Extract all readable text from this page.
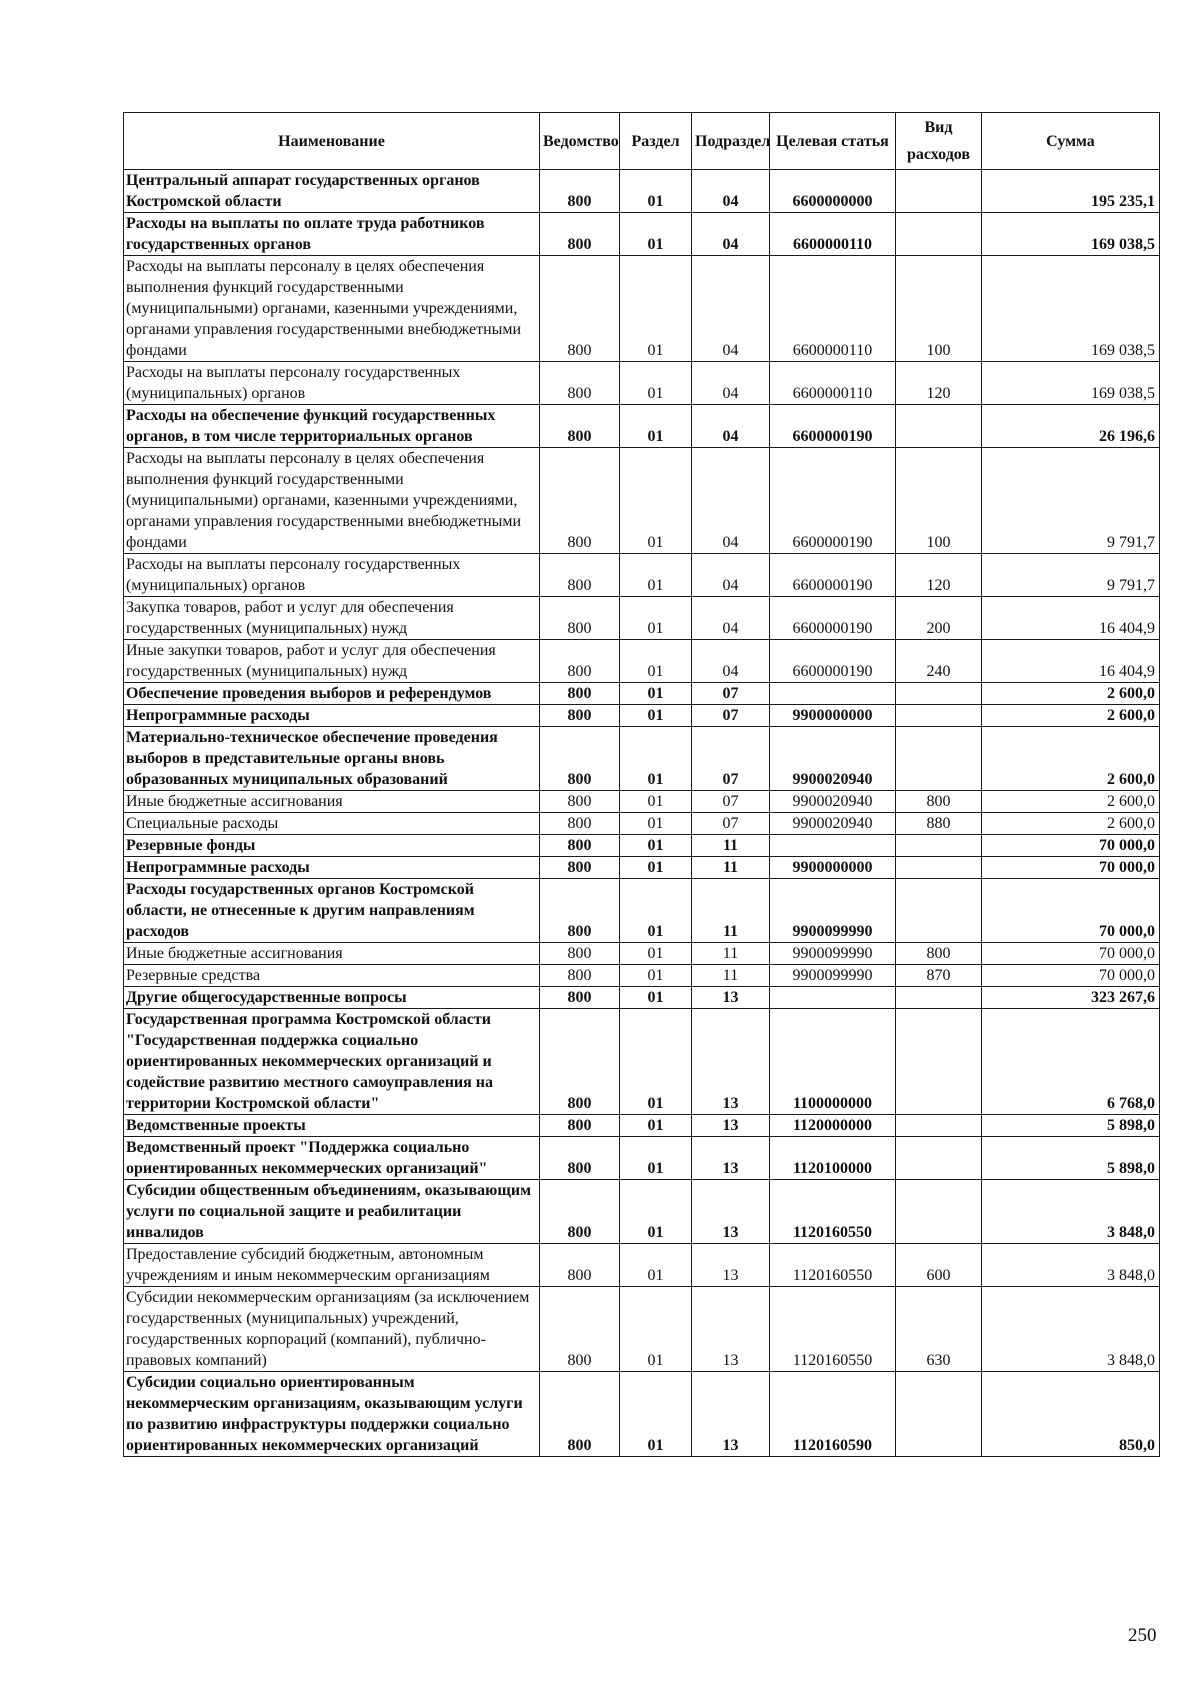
Наименование	Ведомство	Раздел	Подраздел	Целевая статья	Вид расходов	Сумма
Центральный аппарат государственных органов Костромской области	800	01	04	6600000000		195 235,1
Расходы на выплаты по оплате труда работников государственных органов	800	01	04	6600000110		169 038,5
Расходы на выплаты персоналу в целях обеспечения выполнения функций государственными (муниципальными) органами, казенными учреждениями, органами управления государственными внебюджетными фондами	800	01	04	6600000110	100	169 038,5
Расходы на выплаты персоналу государственных (муниципальных) органов	800	01	04	6600000110	120	169 038,5
Расходы на обеспечение функций государственных органов, в том числе территориальных органов	800	01	04	6600000190		26 196,6
Расходы на выплаты персоналу в целях обеспечения выполнения функций государственными (муниципальными) органами, казенными учреждениями, органами управления государственными внебюджетными фондами	800	01	04	6600000190	100	9 791,7
Расходы на выплаты персоналу государственных (муниципальных) органов	800	01	04	6600000190	120	9 791,7
Закупка товаров, работ и услуг для обеспечения государственных (муниципальных) нужд	800	01	04	6600000190	200	16 404,9
Иные закупки товаров, работ и услуг для обеспечения государственных (муниципальных) нужд	800	01	04	6600000190	240	16 404,9
Обеспечение проведения выборов и референдумов	800	01	07			2 600,0
Непрограммные расходы	800	01	07	9900000000		2 600,0
Материально-техническое обеспечение проведения выборов в представительные органы вновь образованных муниципальных образований	800	01	07	9900020940		2 600,0
Иные бюджетные ассигнования	800	01	07	9900020940	800	2 600,0
Специальные расходы	800	01	07	9900020940	880	2 600,0
Резервные фонды	800	01	11			70 000,0
Непрограммные расходы	800	01	11	9900000000		70 000,0
Расходы государственных органов Костромской области, не отнесенные к другим направлениям расходов	800	01	11	9900099990		70 000,0
Иные бюджетные ассигнования	800	01	11	9900099990	800	70 000,0
Резервные средства	800	01	11	9900099990	870	70 000,0
Другие общегосударственные вопросы	800	01	13			323 267,6
Государственная программа Костромской области "Государственная поддержка социально ориентированных некоммерческих организаций и содействие развитию местного самоуправления на территории Костромской области"	800	01	13	1100000000		6 768,0
Ведомственные проекты	800	01	13	1120000000		5 898,0
Ведомственный проект "Поддержка социально ориентированных некоммерческих организаций"	800	01	13	1120100000		5 898,0
Субсидии общественным объединениям, оказывающим услуги по социальной защите и реабилитации инвалидов	800	01	13	1120160550		3 848,0
Предоставление субсидий бюджетным, автономным учреждениям и иным некоммерческим организациям	800	01	13	1120160550	600	3 848,0
Субсидии некоммерческим организациям (за исключением государственных (муниципальных) учреждений, государственных корпораций (компаний), публично-правовых компаний)	800	01	13	1120160550	630	3 848,0
Субсидии социально ориентированным некоммерческим организациям, оказывающим услуги по развитию инфраструктуры поддержки социально ориентированных некоммерческих организаций	800	01	13	1120160590		850,0
250
